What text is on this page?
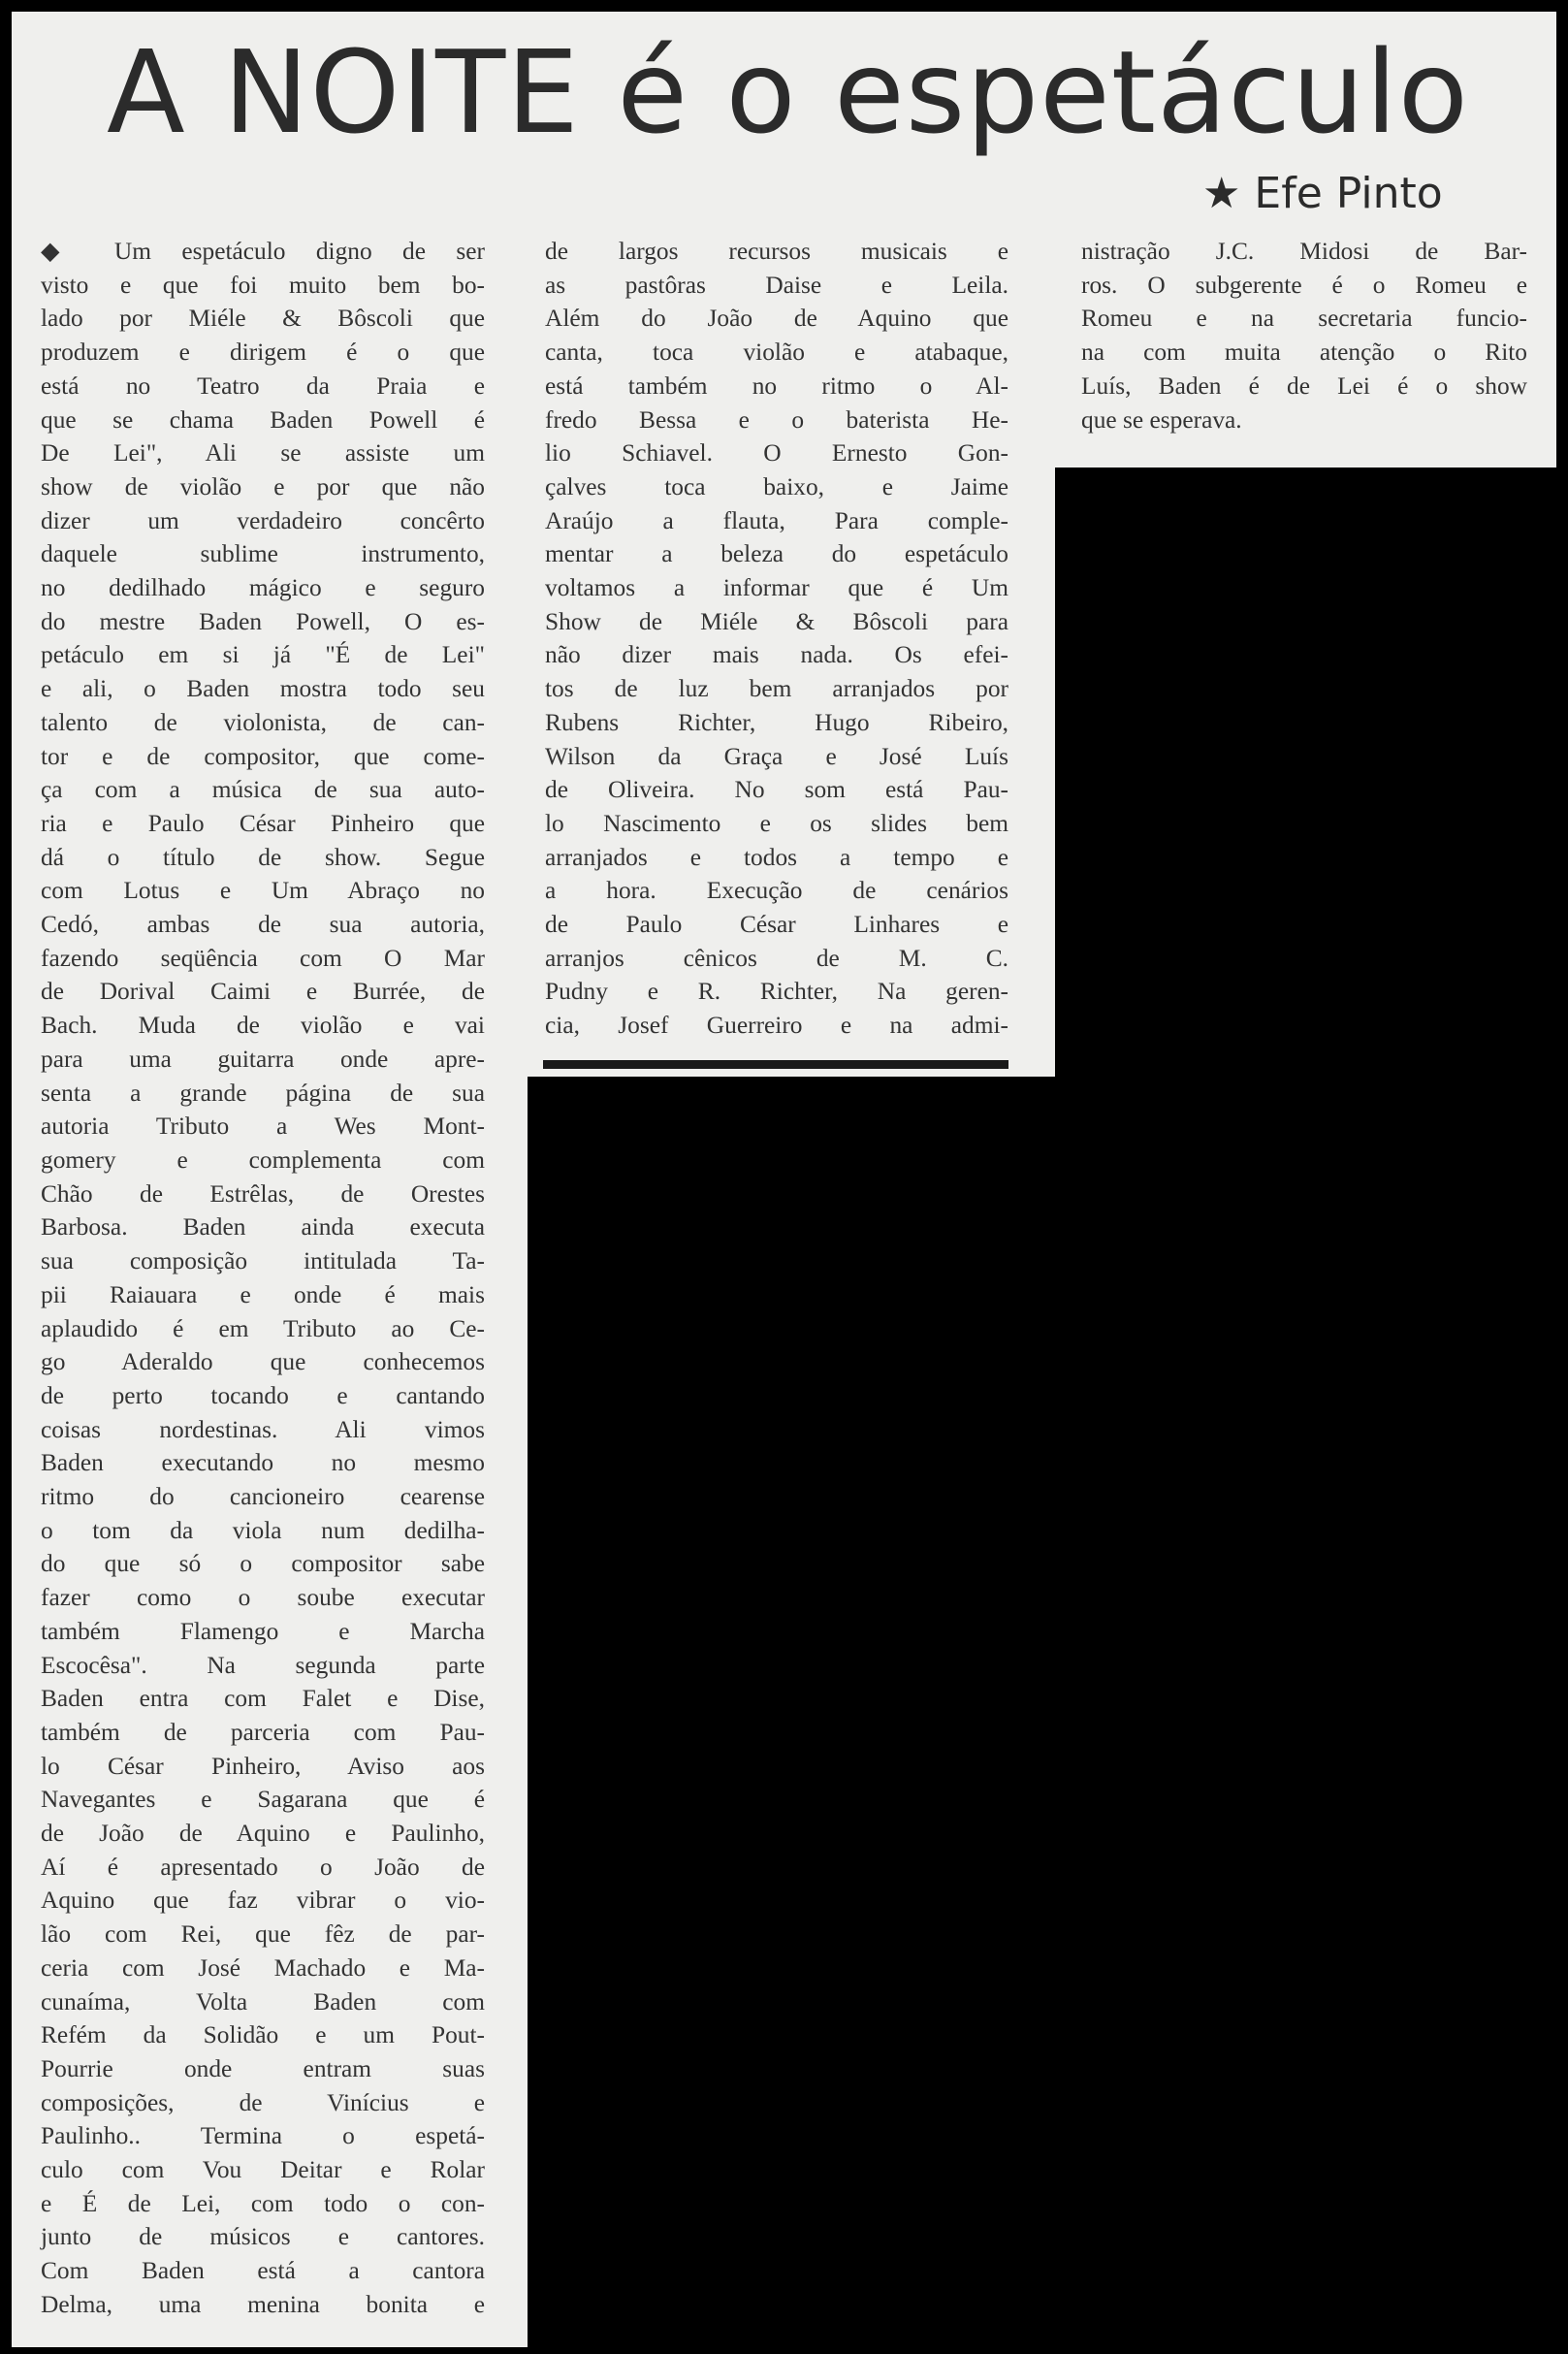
A NOITE é o espetáculo
★ Efe Pinto
◆ Um espetáculo digno de ser
visto e que foi muito bem bo-
lado por Miéle & Bôscoli que
produzem e dirigem é o que
está no Teatro da Praia e
que se chama Baden Powell é
De Lei", Ali se assiste um
show de violão e por que não
dizer um verdadeiro concêrto
daquele sublime instrumento,
no dedilhado mágico e seguro
do mestre Baden Powell, O es-
petáculo em si já "É de Lei"
e ali, o Baden mostra todo seu
talento de violonista, de can-
tor e de compositor, que come-
ça com a música de sua auto-
ria e Paulo César Pinheiro que
dá o título de show. Segue
com Lotus e Um Abraço no
Cedó, ambas de sua autoria,
fazendo seqüência com O Mar
de Dorival Caimi e Burrée, de
Bach. Muda de violão e vai
para uma guitarra onde apre-
senta a grande página de sua
autoria Tributo a Wes Mont-
gomery e complementa com
Chão de Estrêlas, de Orestes
Barbosa. Baden ainda executa
sua composição intitulada Ta-
pii Raiauara e onde é mais
aplaudido é em Tributo ao Ce-
go Aderaldo que conhecemos
de perto tocando e cantando
coisas nordestinas. Ali vimos
Baden executando no mesmo
ritmo do cancioneiro cearense
o tom da viola num dedilha-
do que só o compositor sabe
fazer como o soube executar
também Flamengo e Marcha
Escocêsa". Na segunda parte
Baden entra com Falet e Dise,
também de parceria com Pau-
lo César Pinheiro, Aviso aos
Navegantes e Sagarana que é
de João de Aquino e Paulinho,
Aí é apresentado o João de
Aquino que faz vibrar o vio-
lão com Rei, que fêz de par-
ceria com José Machado e Ma-
cunaíma, Volta Baden com
Refém da Solidão e um Pout-
Pourrie onde entram suas
composições, de Vinícius e
Paulinho.. Termina o espetá-
culo com Vou Deitar e Rolar
e É de Lei, com todo o con-
junto de músicos e cantores.
Com Baden está a cantora
Delma, uma menina bonita e
de largos recursos musicais e
as pastôras Daise e Leila.
Além do João de Aquino que
canta, toca violão e atabaque,
está também no ritmo o Al-
fredo Bessa e o baterista He-
lio Schiavel. O Ernesto Gon-
çalves toca baixo, e Jaime
Araújo a flauta, Para comple-
mentar a beleza do espetáculo
voltamos a informar que é Um
Show de Miéle & Bôscoli para
não dizer mais nada. Os efei-
tos de luz bem arranjados por
Rubens Richter, Hugo Ribeiro,
Wilson da Graça e José Luís
de Oliveira. No som está Pau-
lo Nascimento e os slides bem
arranjados e todos a tempo e
a hora. Execução de cenários
de Paulo César Linhares e
arranjos cênicos de M. C.
Pudny e R. Richter, Na geren-
cia, Josef Guerreiro e na admi-
nistração J.C. Midosi de Bar-
ros. O subgerente é o Romeu e
Romeu e na secretaria funcio-
na com muita atenção o Rito
Luís, Baden é de Lei é o show
que se esperava.
